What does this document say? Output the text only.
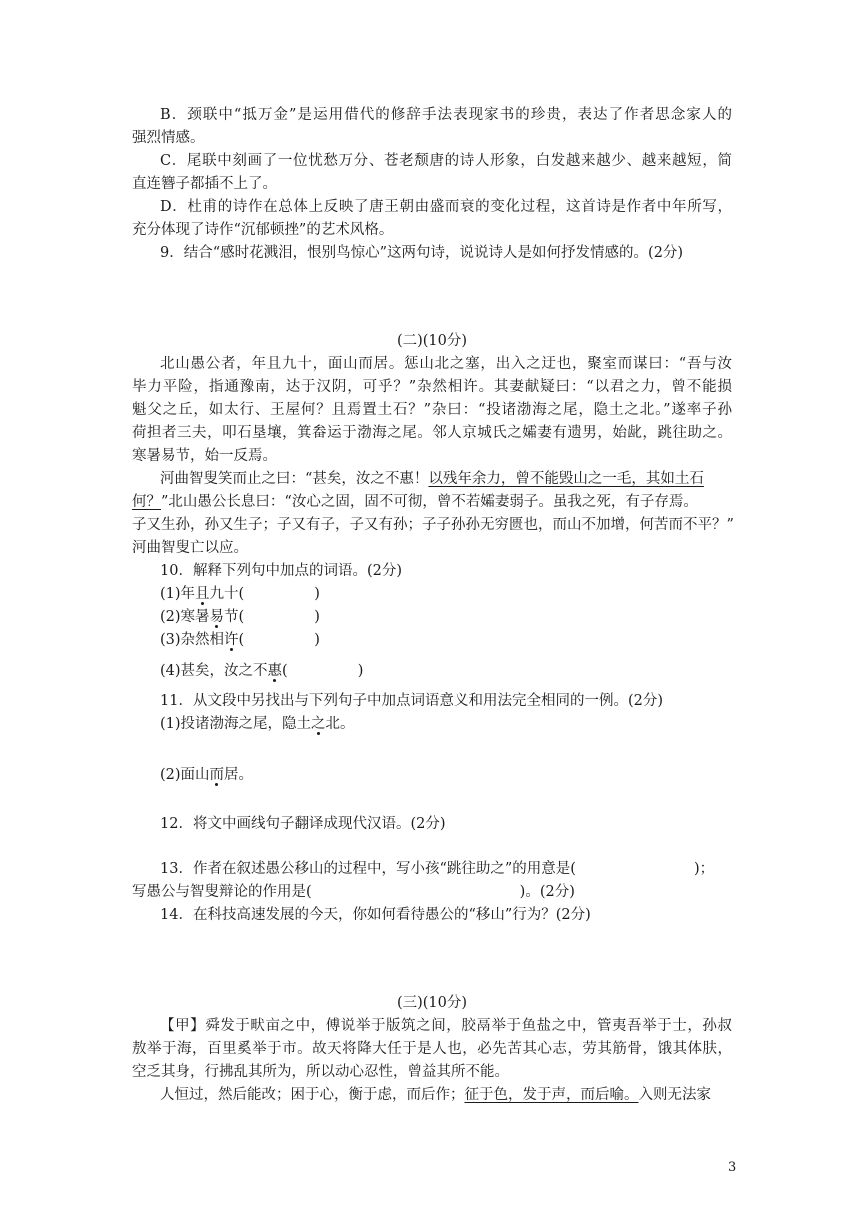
B．颈联中“抵万金”是运用借代的修辞手法表现家书的珍贵，表达了作者思念家人的
强烈情感。
C．尾联中刻画了一位忧愁万分、苍老颓唐的诗人形象，白发越来越少、越来越短，简
直连簪子都插不上了。
D．杜甫的诗作在总体上反映了唐王朝由盛而衰的变化过程，这首诗是作者中年所写，
充分体现了诗作“沉郁顿挫”的艺术风格。
9．结合“感时花溅泪，恨别鸟惊心”这两句诗，说说诗人是如何抒发情感的。(2分)
(二)(10分)
北山愚公者，年且九十，面山而居。惩山北之塞，出入之迂也，聚室而谋曰：“吾与汝
毕力平险，指通豫南，达于汉阴，可乎？”杂然相许。其妻献疑曰：“以君之力，曾不能损
魁父之丘，如太行、王屋何？且焉置土石？”杂曰：“投诸渤海之尾，隐土之北。”遂率子孙
荷担者三夫，叩石垦壤，箕畚运于渤海之尾。邻人京城氏之孀妻有遗男，始龀，跳往助之。
寒暑易节，始一反焉。
河曲智叟笑而止之曰：“甚矣，汝之不惠！以残年余力，曾不能毁山之一毛，其如土石
何？”北山愚公长息曰：“汝心之固，固不可彻，曾不若孀妻弱子。虽我之死，有子存焉。
子又生孙，孙又生子；子又有子，子又有孙；子子孙孙无穷匮也，而山不加增，何苦而不平？”
河曲智叟亡以应。
10．解释下列句中加点的词语。(2分)
(1)年且九十(	)
(2)寒暑易节(	)
(3)杂然相许(	)
(4)甚矣，汝之不惠(	)
11．从文段中另找出与下列句子中加点词语意义和用法完全相同的一例。(2分)
(1)投诸渤海之尾，隐土之北。
(2)面山而居。
12．将文中画线句子翻译成现代汉语。(2分)
13．作者在叙述愚公移山的过程中，写小孩“跳往助之”的用意是(	)；
写愚公与智叟辩论的作用是(	)。(2分)
14．在科技高速发展的今天，你如何看待愚公的“移山”行为？(2分)
(三)(10分)
【甲】舜发于畎亩之中，傅说举于版筑之间，胶鬲举于鱼盐之中，管夷吾举于士，孙叔
敖举于海，百里奚举于市。故天将降大任于是人也，必先苦其心志，劳其筋骨，饿其体肤，
空乏其身，行拂乱其所为，所以动心忍性，曾益其所不能。
人恒过，然后能改；困于心，衡于虑，而后作；征于色，发于声，而后喻。入则无法家
3
